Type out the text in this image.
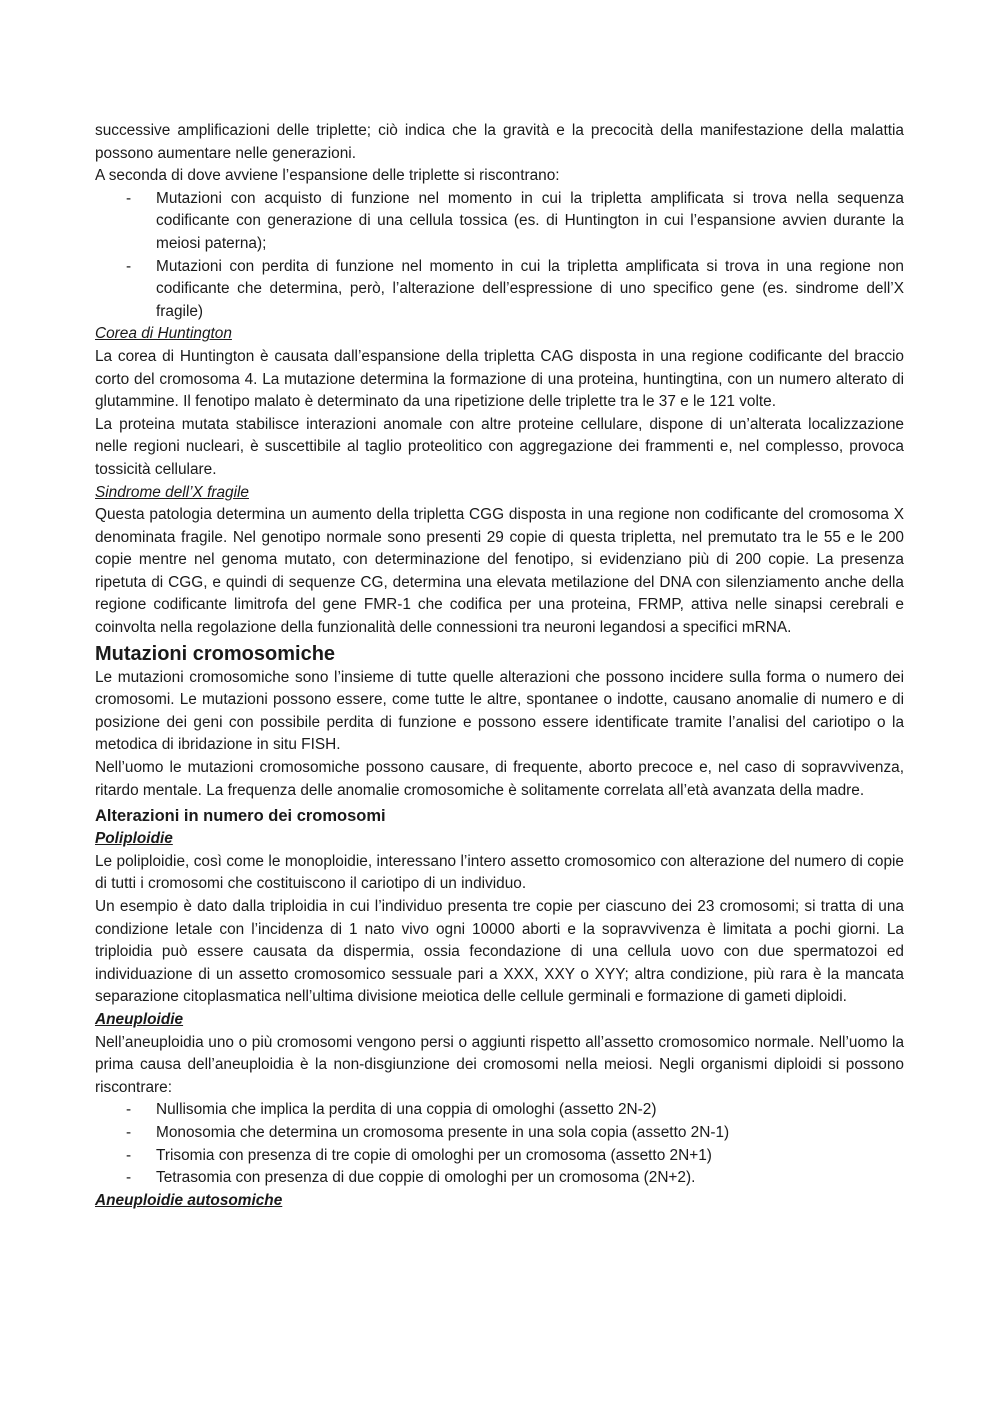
successive amplificazioni delle triplette; ciò indica che la gravità e la precocità della manifestazione della malattia possono aumentare nelle generazioni.

A seconda di dove avviene l’espansione delle triplette si riscontrano:

- Mutazioni con acquisto di funzione nel momento in cui la tripletta amplificata si trova nella sequenza codificante con generazione di una cellula tossica (es. di Huntington in cui l’espansione avvien durante la meiosi paterna);
- Mutazioni con perdita di funzione nel momento in cui la tripletta amplificata si trova in una regione non codificante che determina, però, l’alterazione dell’espressione di uno specifico gene (es. sindrome dell’X fragile)

Corea di Huntington

La corea di Huntington è causata dall’espansione della tripletta CAG disposta in una regione codificante del braccio corto del cromosoma 4. La mutazione determina la formazione di una proteina, huntingtina, con un numero alterato di glutammine. Il fenotipo malato è determinato da una ripetizione delle triplette tra le 37 e le 121 volte.

La proteina mutata stabilisce interazioni anomale con altre proteine cellulare, dispone di un’alterata localizzazione nelle regioni nucleari, è suscettibile al taglio proteolitico con aggregazione dei frammenti e, nel complesso, provoca tossicità cellulare.

Sindrome dell’X fragile

Questa patologia determina un aumento della tripletta CGG disposta in una regione non codificante del cromosoma X denominata fragile. Nel genotipo normale sono presenti 29 copie di questa tripletta, nel premutato tra le 55 e le 200 copie mentre nel genoma mutato, con determinazione del fenotipo, si evidenziano più di 200 copie. La presenza ripetuta di CGG, e quindi di sequenze CG, determina una elevata metilazione del DNA con silenziamento anche della regione codificante limitrofa del gene FMR-1 che codifica per una proteina, FRMP, attiva nelle sinapsi cerebrali e coinvolta nella regolazione della funzionalità delle connessioni tra neuroni legandosi a specifici mRNA.

Mutazioni cromosomiche

Le mutazioni cromosomiche sono l’insieme di tutte quelle alterazioni che possono incidere sulla forma o numero dei cromosomi. Le mutazioni possono essere, come tutte le altre, spontanee o indotte, causano anomalie di numero e di posizione dei geni con possibile perdita di funzione e possono essere identificate tramite l’analisi del cariotipo o la metodica di ibridazione in situ FISH.

Nell’uomo le mutazioni cromosomiche possono causare, di frequente, aborto precoce e, nel caso di sopravvivenza, ritardo mentale. La frequenza delle anomalie cromosomiche è solitamente correlata all’età avanzata della madre.

Alterazioni in numero dei cromosomi

Poliploidie

Le poliploidie, così come le monoploidie, interessano l’intero assetto cromosomico con alterazione del numero di copie di tutti i cromosomi che costituiscono il cariotipo di un individuo.

Un esempio è dato dalla triploidia in cui l’individuo presenta tre copie per ciascuno dei 23 cromosomi; si tratta di una condizione letale con l’incidenza di 1 nato vivo ogni 10000 aborti e la sopravvivenza è limitata a pochi giorni. La triploidia può essere causata da dispermia, ossia fecondazione di una cellula uovo con due spermatozoi ed individuazione di un assetto cromosomico sessuale pari a XXX, XXY o XYY; altra condizione, più rara è la mancata separazione citoplasmatica nell’ultima divisione meiotica delle cellule germinali e formazione di gameti diploidi.

Aneuploidie

Nell’aneuploidia uno o più cromosomi vengono persi o aggiunti rispetto all’assetto cromosomico normale. Nell’uomo la prima causa dell’aneuploidia è la non-disgiunzione dei cromosomi nella meiosi. Negli organismi diploidi si possono riscontrare:

- Nullisomia che implica la perdita di una coppia di omologhi (assetto 2N-2)
- Monosomia che determina un cromosoma presente in una sola copia (assetto 2N-1)
- Trisomia con presenza di tre copie di omologhi per un cromosoma (assetto 2N+1)
- Tetrasomia con presenza di due coppie di omologhi per un cromosoma (2N+2).

Aneuploidie autosomiche
